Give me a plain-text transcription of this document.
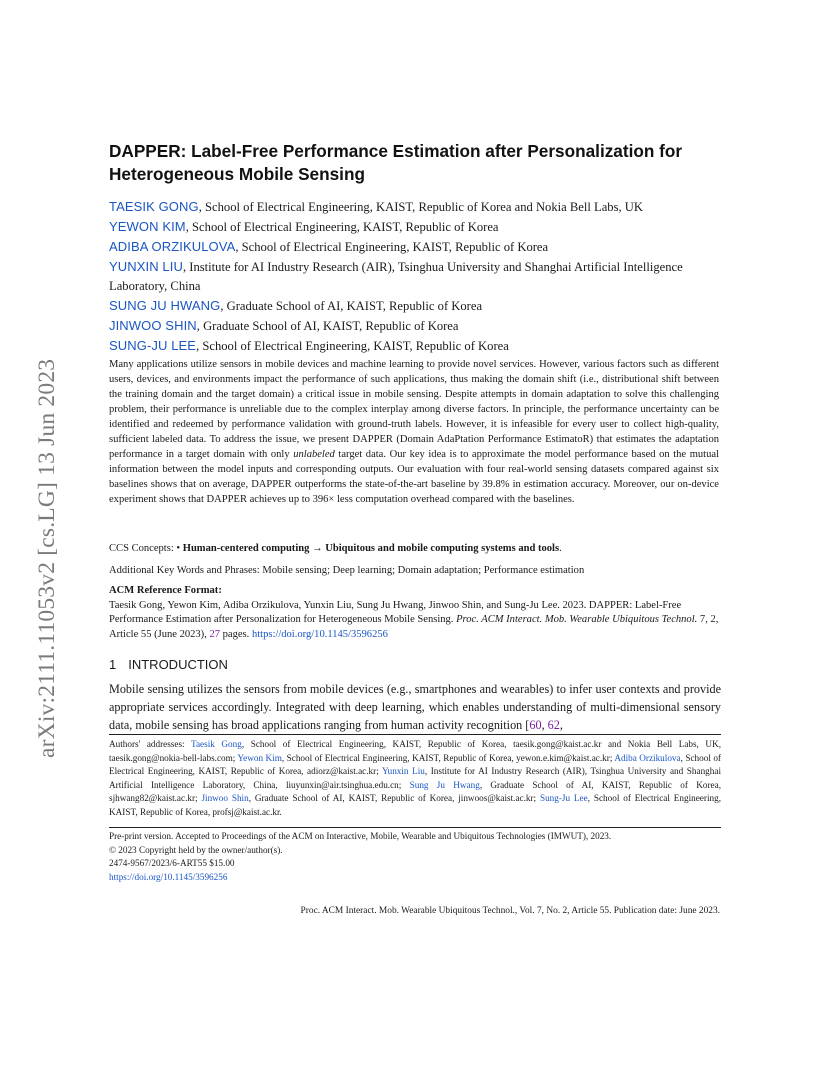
arXiv:2111.11053v2 [cs.LG] 13 Jun 2023
DAPPER: Label-Free Performance Estimation after Personalization for Heterogeneous Mobile Sensing

TAESIK GONG, School of Electrical Engineering, KAIST, Republic of Korea and Nokia Bell Labs, UK

YEWON KIM, School of Electrical Engineering, KAIST, Republic of Korea

ADIBA ORZIKULOVA, School of Electrical Engineering, KAIST, Republic of Korea

YUNXIN LIU, Institute for AI Industry Research (AIR), Tsinghua University and Shanghai Artificial Intelligence Laboratory, China

SUNG JU HWANG, Graduate School of AI, KAIST, Republic of Korea

JINWOO SHIN, Graduate School of AI, KAIST, Republic of Korea

SUNG-JU LEE, School of Electrical Engineering, KAIST, Republic of Korea

Many applications utilize sensors in mobile devices and machine learning to provide novel services. However, various factors such as different users, devices, and environments impact the performance of such applications, thus making the domain shift (i.e., distributional shift between the training domain and the target domain) a critical issue in mobile sensing. Despite attempts in domain adaptation to solve this challenging problem, their performance is unreliable due to the complex interplay among diverse factors. In principle, the performance uncertainty can be identified and redeemed by performance validation with ground-truth labels. However, it is infeasible for every user to collect high-quality, sufficient labeled data. To address the issue, we present DAPPER (Domain AdaPtation Performance EstimatoR) that estimates the adaptation performance in a target domain with only unlabeled target data. Our key idea is to approximate the model performance based on the mutual information between the model inputs and corresponding outputs. Our evaluation with four real-world sensing datasets compared against six baselines shows that on average, DAPPER outperforms the state-of-the-art baseline by 39.8% in estimation accuracy. Moreover, our on-device experiment shows that DAPPER achieves up to 396× less computation overhead compared with the baselines.

CCS Concepts: • Human-centered computing → Ubiquitous and mobile computing systems and tools.

Additional Key Words and Phrases: Mobile sensing; Deep learning; Domain adaptation; Performance estimation

ACM Reference Format:
Taesik Gong, Yewon Kim, Adiba Orzikulova, Yunxin Liu, Sung Ju Hwang, Jinwoo Shin, and Sung-Ju Lee. 2023. DAPPER: Label-Free Performance Estimation after Personalization for Heterogeneous Mobile Sensing. Proc. ACM Interact. Mob. Wearable Ubiquitous Technol. 7, 2, Article 55 (June 2023), 27 pages. https://doi.org/10.1145/3596256

1 INTRODUCTION

Mobile sensing utilizes the sensors from mobile devices (e.g., smartphones and wearables) to infer user contexts and provide appropriate services accordingly. Integrated with deep learning, which enables understanding of multi-dimensional sensory data, mobile sensing has broad applications ranging from human activity recognition [60, 62,

Authors' addresses: Taesik Gong, School of Electrical Engineering, KAIST, Republic of Korea, taesik.gong@kaist.ac.kr and Nokia Bell Labs, UK, taesik.gong@nokia-bell-labs.com; Yewon Kim, School of Electrical Engineering, KAIST, Republic of Korea, yewon.e.kim@kaist.ac.kr; Adiba Orzikulova, School of Electrical Engineering, KAIST, Republic of Korea, adiorz@kaist.ac.kr; Yunxin Liu, Institute for AI Industry Research (AIR), Tsinghua University and Shanghai Artificial Intelligence Laboratory, China, liuyunxin@air.tsinghua.edu.cn; Sung Ju Hwang, Graduate School of AI, KAIST, Republic of Korea, sjhwang82@kaist.ac.kr; Jinwoo Shin, Graduate School of AI, KAIST, Republic of Korea, jinwoos@kaist.ac.kr; Sung-Ju Lee, School of Electrical Engineering, KAIST, Republic of Korea, profsj@kaist.ac.kr.

Pre-print version. Accepted to Proceedings of the ACM on Interactive, Mobile, Wearable and Ubiquitous Technologies (IMWUT), 2023.
© 2023 Copyright held by the owner/author(s).
2474-9567/2023/6-ART55 $15.00
https://doi.org/10.1145/3596256

Proc. ACM Interact. Mob. Wearable Ubiquitous Technol., Vol. 7, No. 2, Article 55. Publication date: June 2023.
